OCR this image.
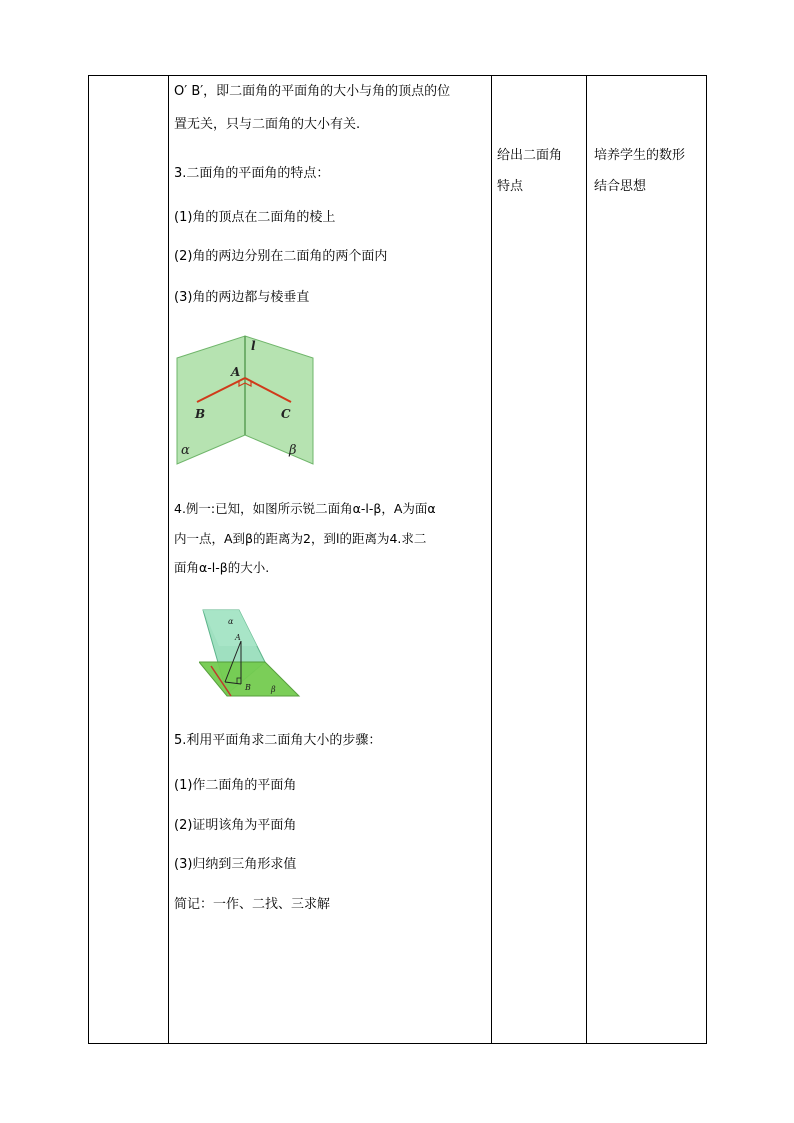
O′ B′，即二面角的平面角的大小与角的顶点的位
置无关，只与二面角的大小有关.
3.二面角的平面角的特点：
(1)角的顶点在二面角的棱上
(2)角的两边分别在二面角的两个面内
(3)角的两边都与棱垂直
l
A
B	C
α	β
4.例一:已知，如图所示锐二面角α-l-β，A为面α
内一点，A到β的距离为2，到l的距离为4.求二
面角α-l-β的大小.
α
A
B	β
5.利用平面角求二面角大小的步骤：
(1)作二面角的平面角
(2)证明该角为平面角
(3)归纳到三角形求值
简记：一作、二找、三求解
给出二面角
特点
培养学生的数形
结合思想
